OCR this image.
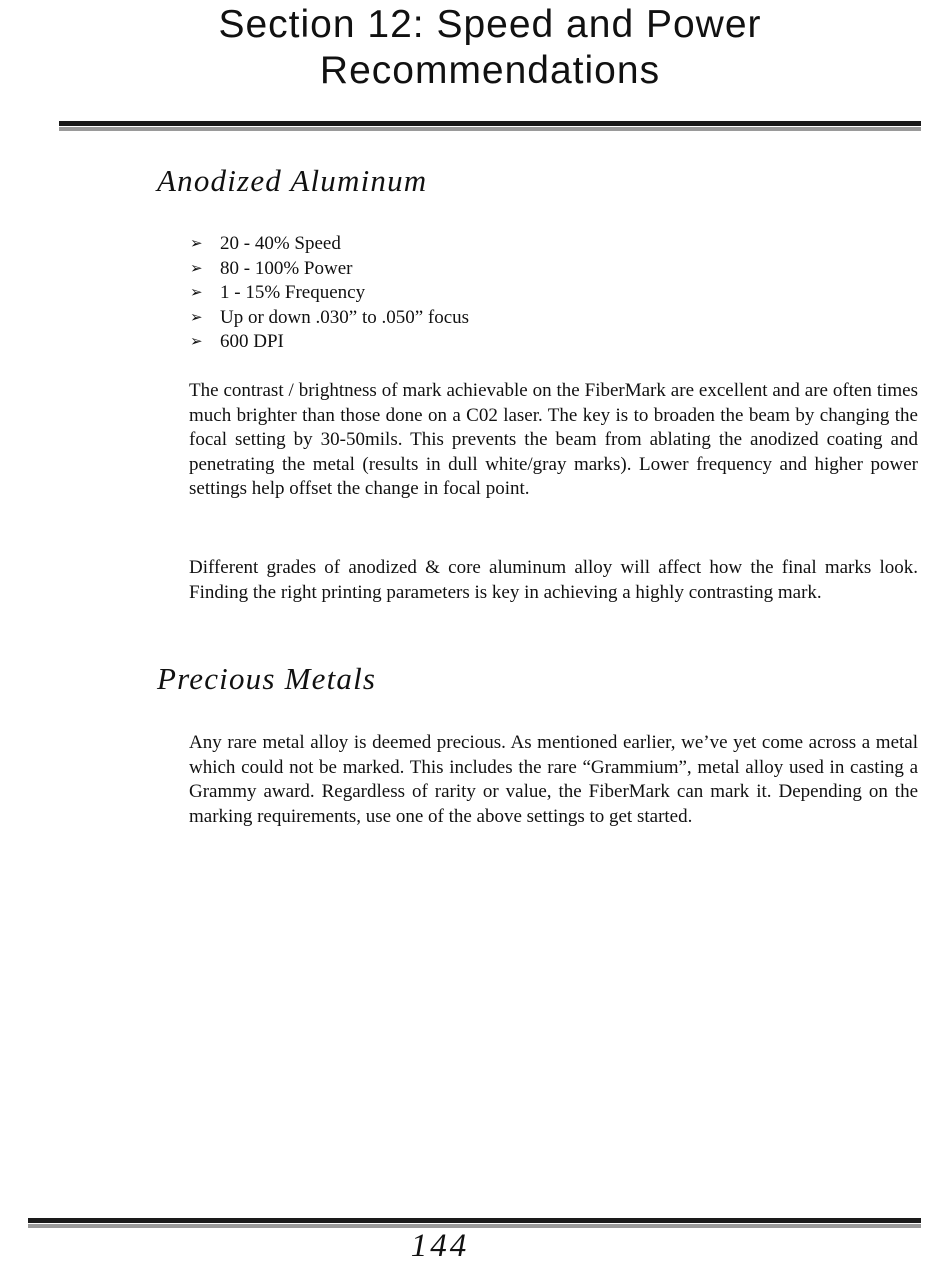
Section 12: Speed and Power
Recommendations
Anodized Aluminum
➢ 20 - 40% Speed
➢ 80 - 100% Power
➢ 1 - 15% Frequency
➢ Up or down .030” to .050” focus
➢ 600 DPI

The contrast / brightness of mark achievable on the FiberMark are excellent and are often times much brighter than those done on a C02 laser. The key is to broaden the beam by changing the focal setting by 30-50mils. This prevents the beam from ablating the anodized coating and penetrating the metal (results in dull white/gray marks). Lower frequency and higher power settings help offset the change in focal point.

Different grades of anodized & core aluminum alloy will affect how the final marks look. Finding the right printing parameters is key in achieving a highly contrasting mark.

Precious Metals

Any rare metal alloy is deemed precious. As mentioned earlier, we’ve yet come across a metal which could not be marked. This includes the rare “Grammium”, metal alloy used in casting a Grammy award. Regardless of rarity or value, the FiberMark can mark it. Depending on the marking requirements, use one of the above settings to get started.

144
